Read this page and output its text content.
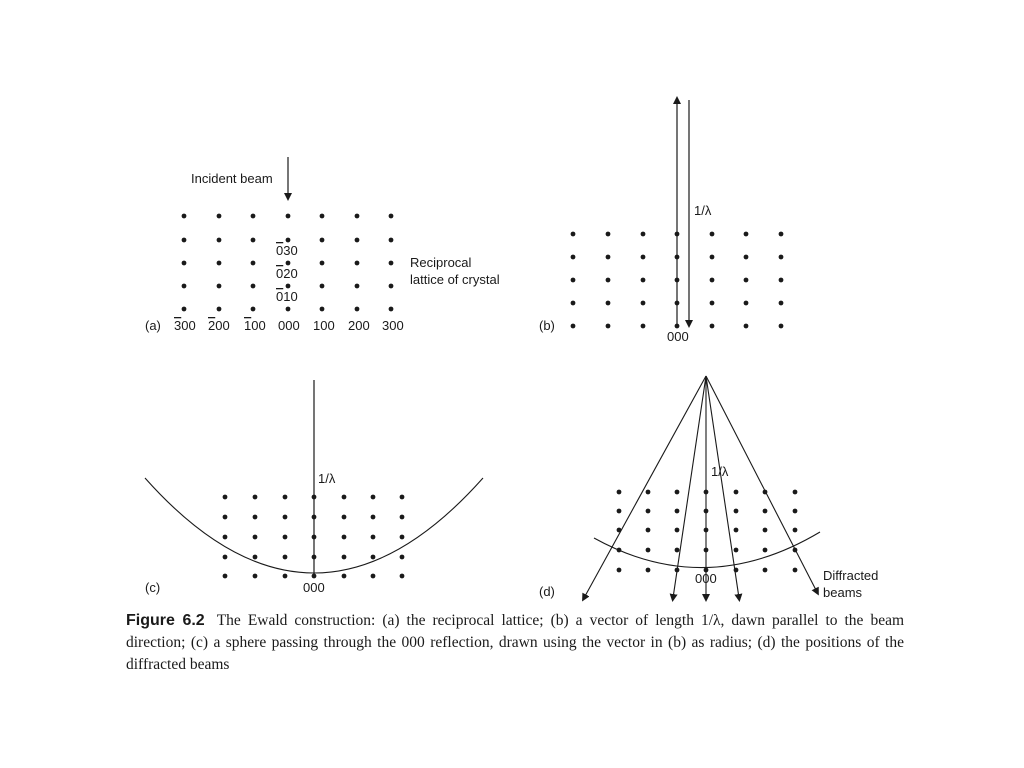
Incident beam
030
020
010
Reciprocal
lattice of crystal
(a) 300 200 100 000 100 200 300
1/λ
000
(b)
1/λ
000
(c)
1/λ
000	Diffracted
beams
(d)
Figure 6.2 The Ewald construction: (a) the reciprocal lattice; (b) a vector of length 1/λ, dawn parallel to the beam direction; (c) a sphere passing through the 000 reflection, drawn using the vector in (b) as radius; (d) the positions of the diffracted beams
